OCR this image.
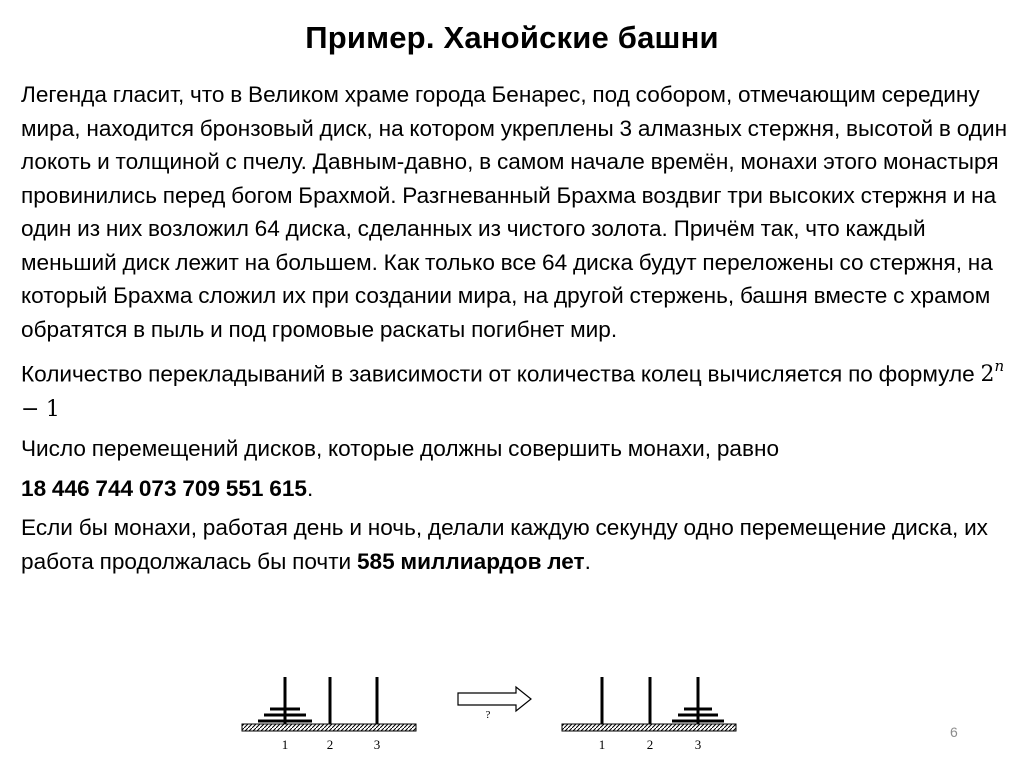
Пример. Ханойские башни

Легенда гласит, что в Великом храме города Бенарес, под собором, отмечающим середину мира, находится бронзовый диск, на котором укреплены 3 алмазных стержня, высотой в один локоть и толщиной с пчелу. Давным-давно, в самом начале времён, монахи этого монастыря провинились перед богом Брахмой. Разгневанный Брахма воздвиг три высоких стержня и на один из них возложил 64 диска, сделанных из чистого золота. Причём так, что каждый меньший диск лежит на большем. Как только все 64 диска будут переложены со стержня, на который Брахма сложил их при создании мира, на другой стержень, башня вместе с храмом обратятся в пыль и под громовые раскаты погибнет мир.

Количество перекладываний в зависимости от количества колец вычисляется по формуле $2^n - 1$

Число перемещений дисков, которые должны совершить монахи, равно

18 446 744 073 709 551 615.

Если бы монахи, работая день и ночь, делали каждую секунду одно перемещение диска, их работа продолжалась бы почти 585 миллиардов лет.

1	2	3
?
1	2	3
6
